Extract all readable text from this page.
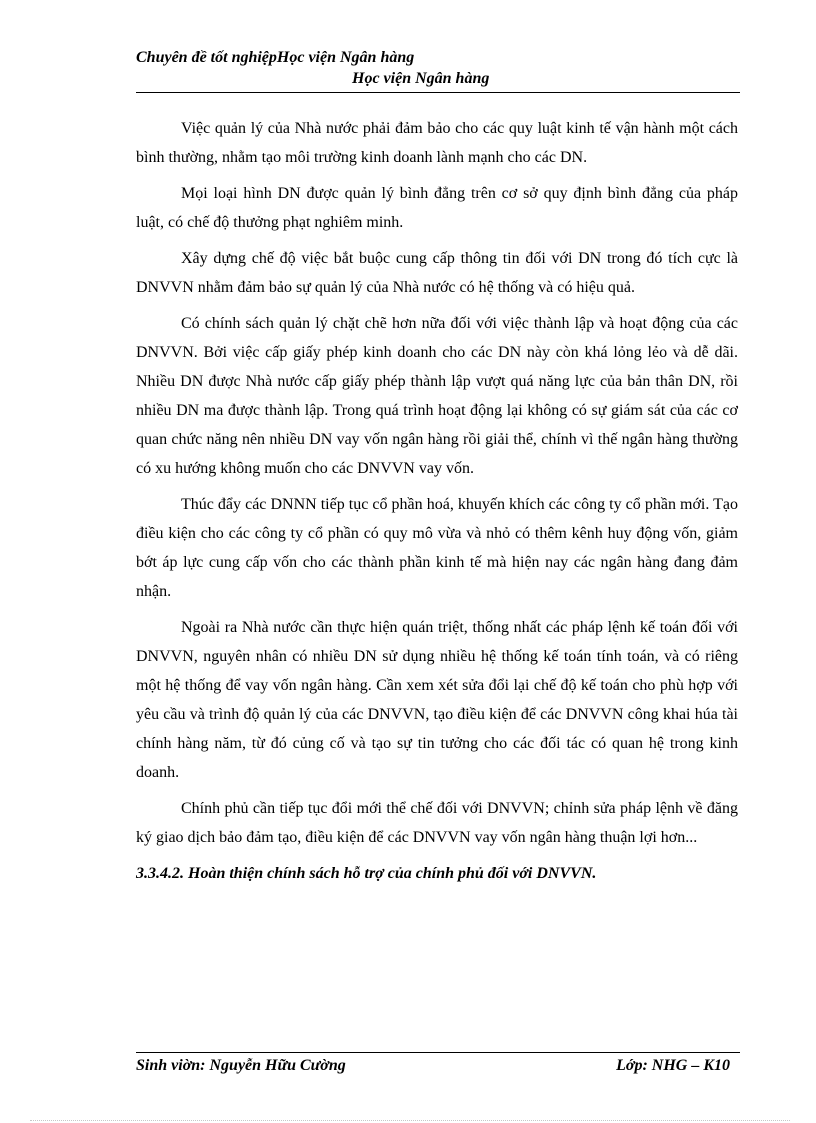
Chuyên đề tốt nghiệpHọc viện Ngân hàng
Học viện Ngân hàng

Việc quản lý của Nhà nước phải đảm bảo cho các quy luật kinh tế vận hành một cách bình thường, nhằm tạo môi trường kinh doanh lành mạnh cho các DN.

Mọi loại hình DN được quản lý bình đẳng trên cơ sở quy định bình đẳng của pháp luật, có chế độ thưởng phạt nghiêm minh.

Xây dựng chế độ việc bắt buộc cung cấp thông tin đối với DN trong đó tích cực là DNVVN nhằm đảm bảo sự quản lý của Nhà nước có hệ thống và có hiệu quả.

Có chính sách quản lý chặt chẽ hơn nữa đối với việc thành lập và hoạt động của các DNVVN. Bởi việc cấp giấy phép kinh doanh cho các DN này còn khá lỏng lẻo và dễ dãi. Nhiều DN được Nhà nước cấp giấy phép thành lập vượt quá năng lực của bản thân DN, rồi nhiều DN ma được thành lập. Trong quá trình hoạt động lại không có sự giám sát của các cơ quan chức năng nên nhiều DN vay vốn ngân hàng rồi giải thể, chính vì thế ngân hàng thường có xu hướng không muốn cho các DNVVN vay vốn.

Thúc đẩy các DNNN tiếp tục cổ phần hoá, khuyến khích các công ty cổ phần mới. Tạo điều kiện cho các công ty cổ phần có quy mô vừa và nhỏ có thêm kênh huy động vốn, giảm bớt áp lực cung cấp vốn cho các thành phần kinh tế mà hiện nay các ngân hàng đang đảm nhận.

Ngoài ra Nhà nước cần thực hiện quán triệt, thống nhất các pháp lệnh kế toán đối với DNVVN, nguyên nhân có nhiều DN sử dụng nhiều hệ thống kế toán tính toán, và có riêng một hệ thống để vay vốn ngân hàng. Cần xem xét sửa đổi lại chế độ kế toán cho phù hợp với yêu cầu và trình độ quản lý của các DNVVN, tạo điều kiện để các DNVVN công khai húa tài chính hàng năm, từ đó củng cố và tạo sự tin tưởng cho các đối tác có quan hệ trong kinh doanh.

Chính phủ cần tiếp tục đổi mới thể chế đối với DNVVN; chỉnh sửa pháp lệnh về đăng ký giao dịch bảo đảm tạo, điều kiện để các DNVVN vay vốn ngân hàng thuận lợi hơn...

3.3.4.2. Hoàn thiện chính sách hỗ trợ của chính phủ đối với DNVVN.

Sinh viờn: Nguyễn Hữu Cường	Lớp: NHG – K10
